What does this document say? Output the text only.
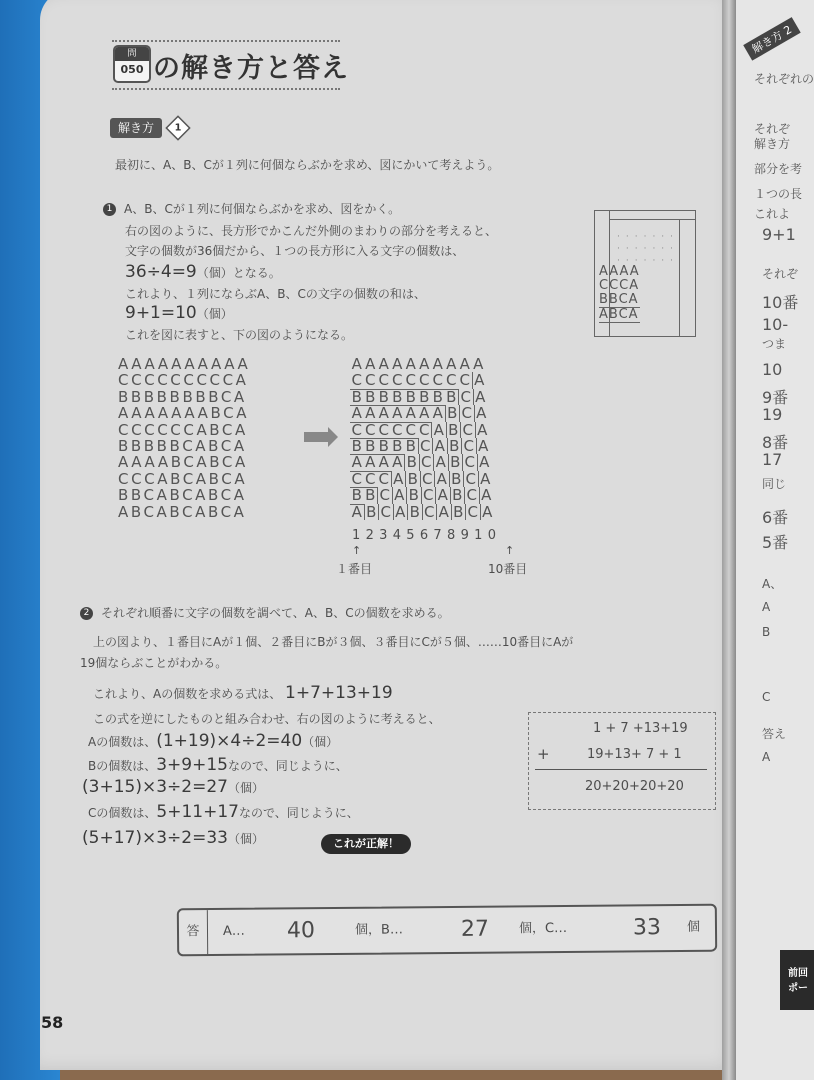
問
050 の解き方と答え
解き方	1
最初に、A、B、Cが１列に何個ならぶかを求め、図にかいて考えよう。
1 A、B、Cが１列に何個ならぶかを求め、図をかく。
右の図のように、長方形でかこんだ外側のまわりの部分を考えると、
文字の個数が36個だから、１つの長方形に入る文字の個数は、
36÷4=9（個）となる。
これより、１列にならぶA、B、Cの文字の個数の和は、
9+1=10（個）
これを図に表すと、下の図のようになる。
·······
·······
·······
AAAA
CCCA
BBCA
ABCA
AAAAAAAAAA
CCCCCCCCCA
BBBBBBBBCA
AAAAAAABCA
CCCCCCABCA
BBBBBCABCA
AAAABCABCA
CCCABCABCA
BBCABCABCA
ABCABCABCA
A A A A A A A A A A
C C C C C C C C C A
B B B B B B B B C A
A A A A A A A B C A
C C C C C C A B C A
B B B B B C A B C A
A A A A B C A B C A
C C C A B C A B C A
B B C A B C A B C A
A B C A B C A B C A
12345678910
↑	↑
１番目	10番目
2 それぞれ順番に文字の個数を調べて、A、B、Cの個数を求める。
上の図より、１番目にAが１個、２番目にBが３個、３番目にCが５個、……10番目にAが
19個ならぶことがわかる。
これより、Aの個数を求める式は、 1+7+13+19
この式を逆にしたものと組み合わせ、右の図のように考えると、
Aの個数は、(1+19)×4÷2=40（個）
Bの個数は、3+9+15なので、同じように、
(3+15)×3÷2=27（個）
Cの個数は、5+11+17なので、同じように、
(5+17)×3÷2=33（個）	これが正解！
1 + 7 +13+19
+	19+13+ 7 + 1
20+20+20+20
答	A… 40	個，B…	27 個，C…	33 個
58
解き方 2
それぞれの
それぞ
解き方
部分を考
１つの長
これよ
9+1
それぞ
10番
10-
つま
10
9番
19
8番
17
同じ
6番
5番
A、
A
B
C
答え
A
前回
ポー
